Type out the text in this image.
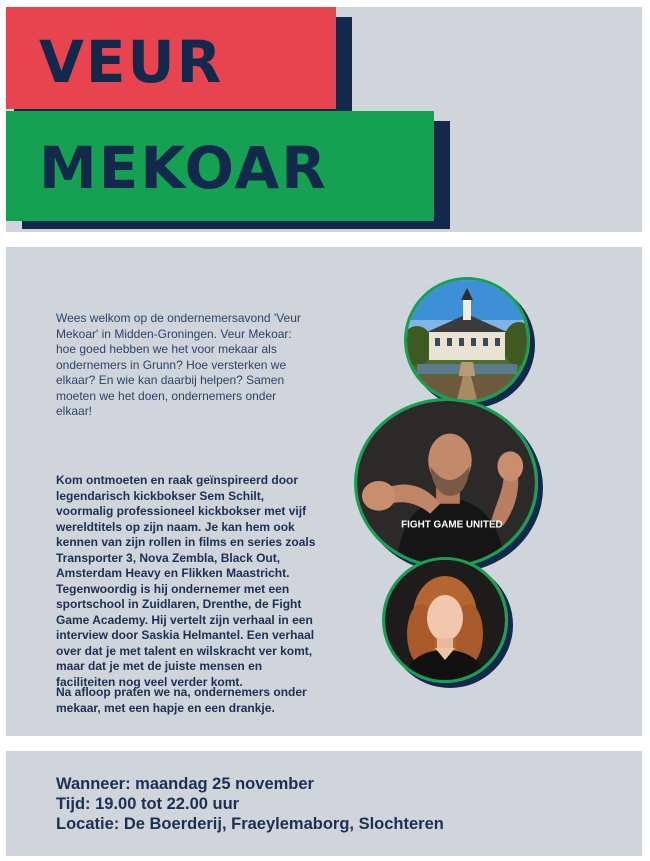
VEUR

MEKOAR

Wees welkom op de ondernemersavond 'Veur Mekoar' in Midden-Groningen. Veur Mekoar: hoe goed hebben we het voor mekaar als ondernemers in Grunn? Hoe versterken we elkaar? En wie kan daarbij helpen? Samen moeten we het doen, ondernemers onder elkaar!

Kom ontmoeten en raak geïnspireerd door legendarisch kickbokser Sem Schilt, voormalig professioneel kickbokser met vijf wereldtitels op zijn naam. Je kan hem ook kennen van zijn rollen in films en series zoals Transporter 3, Nova Zembla, Black Out, Amsterdam Heavy en Flikken Maastricht. Tegenwoordig is hij ondernemer met een sportschool in Zuidlaren, Drenthe, de Fight Game Academy. Hij vertelt zijn verhaal in een interview door Saskia Helmantel. Een verhaal over dat je met talent en wilskracht ver komt, maar dat je met de juiste mensen en faciliteiten nog veel verder komt.

Na afloop praten we na, ondernemers onder mekaar, met een hapje en een drankje.

FIGHT GAME UNITED

Wanneer: maandag 25 november

Tijd: 19.00 tot 22.00 uur

Locatie: De Boerderij, Fraeylemaborg, Slochteren
